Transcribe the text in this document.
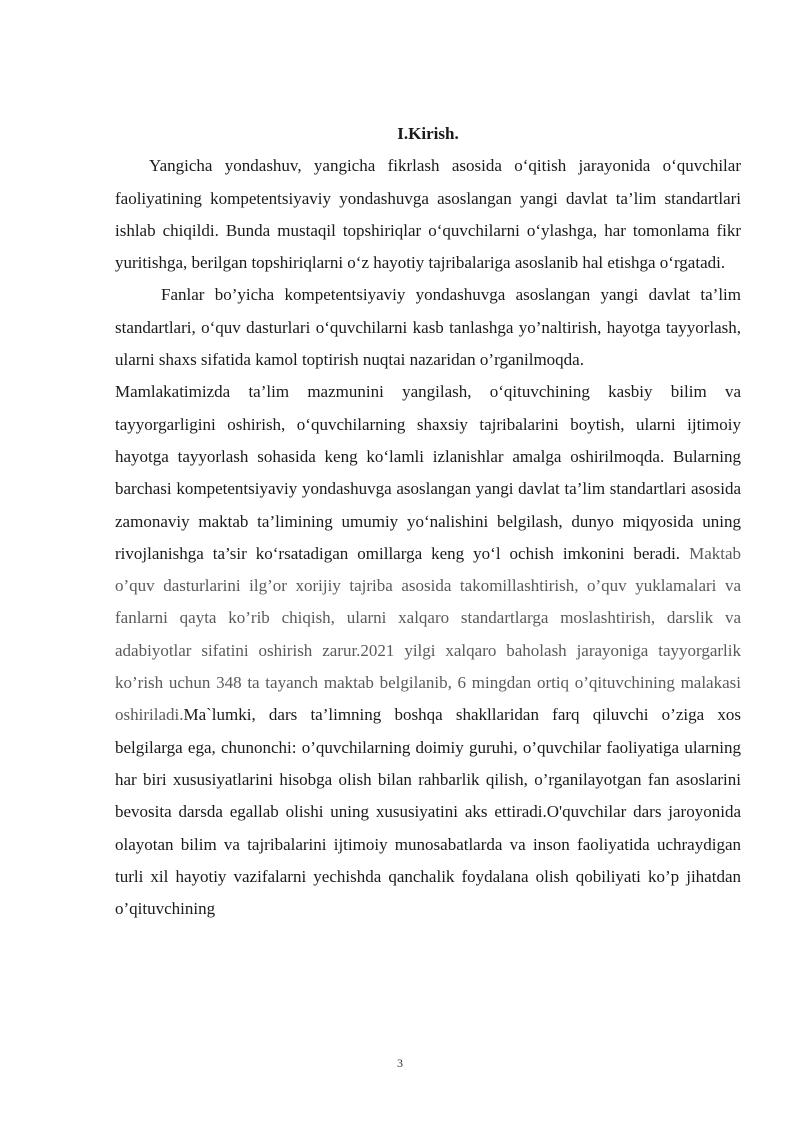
I.Kirish.

Yangicha yondashuv, yangicha fikrlash asosida o‘qitish jarayonida o‘quvchilar faoliyatining kompetentsiyaviy yondashuvga asoslangan yangi davlat ta’lim standartlari ishlab chiqildi. Bunda mustaqil topshiriqlar o‘quvchilarni o‘ylashga, har tomonlama fikr yuritishga, berilgan topshiriqlarni o‘z hayotiy tajribalariga asoslanib hal etishga o‘rgatadi.

Fanlar bo’yicha kompetentsiyaviy yondashuvga asoslangan yangi davlat ta’lim standartlari, o‘quv dasturlari o‘quvchilarni kasb tanlashga yo’naltirish, hayotga tayyorlash, ularni shaxs sifatida kamol toptirish nuqtai nazaridan o’rganilmoqda.

Mamlakatimizda ta’lim mazmunini yangilash, o‘qituvchining kasbiy bilim va tayyorgarligini oshirish, o‘quvchilarning shaxsiy tajribalarini boytish, ularni ijtimoiy hayotga tayyorlash sohasida keng ko‘lamli izlanishlar amalga oshirilmoqda. Bularning barchasi kompetentsiyaviy yondashuvga asoslangan yangi davlat ta’lim standartlari asosida zamonaviy maktab ta’limining umumiy yo‘nalishini belgilash, dunyo miqyosida uning rivojlanishga ta’sir ko‘rsatadigan omillarga keng yo‘l ochish imkonini beradi. Maktab o’quv dasturlarini ilg’or xorijiy tajriba asosida takomillashtirish, o’quv yuklamalari va fanlarni qayta ko’rib chiqish, ularni xalqaro standartlarga moslashtirish, darslik va adabiyotlar sifatini oshirish zarur.2021 yilgi xalqaro baholash jarayoniga tayyorgarlik ko’rish uchun 348 ta tayanch maktab belgilanib, 6 mingdan ortiq o’qituvchining malakasi oshiriladi.Ma`lumki, dars ta’limning boshqa shakllaridan farq qiluvchi o’ziga xos belgilarga ega, chunonchi: o’quvchilarning doimiy guruhi, o’quvchilar faoliyatiga ularning har biri xususiyatlarini hisobga olish bilan rahbarlik qilish, o’rganilayotgan fan asoslarini bevosita darsda egallab olishi uning xususiyatini aks ettiradi.O'quvchilar dars jaroyonida olayotan bilim va tajribalarini ijtimoiy munosabatlarda va inson faoliyatida uchraydigan turli xil hayotiy vazifalarni yechishda qanchalik foydalana olish qobiliyati ko’p jihatdan o’qituvchining

3
